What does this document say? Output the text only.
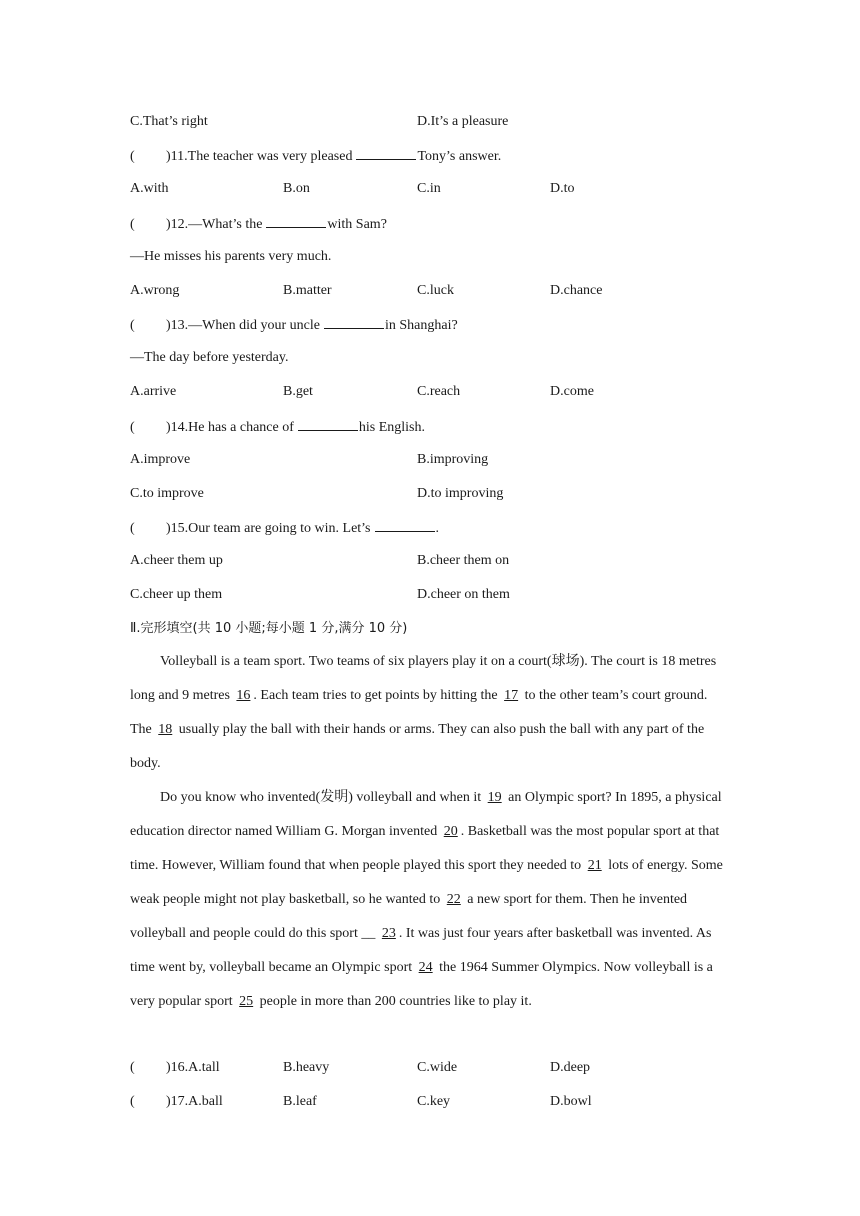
C.That’s right	D.It’s a pleasure
( )11.The teacher was very pleased	Tony’s answer.
A.with	B.on	C.in	D.to
( )12.—What’s the	with Sam?
—He misses his parents very much.
A.wrong	B.matter	C.luck	D.chance
( )13.—When did your uncle	in Shanghai?
—The day before yesterday.
A.arrive	B.get	C.reach	D.come
( )14.He has a chance of	his English.
A.improve	B.improving
C.to improve	D.to improving
( )15.Our team are going to win. Let’s	.
A.cheer them up	B.cheer them on
C.cheer up them	D.cheer on them
Ⅱ.完形填空(共 10 小题;每小题 1 分,满分 10 分)

Volleyball is a team sport. Two teams of six players play it on a court(球场). The court is 18 metres long and 9 metres 16 . Each team tries to get points by hitting the 17 to the other team’s court ground. The 18 usually play the ball with their hands or arms. They can also push the ball with any part of the body.

Do you know who invented(发明) volleyball and when it 19 an Olympic sport? In 1895, a physical education director named William G. Morgan invented 20 . Basketball was the most popular sport at that time. However, William found that when people played this sport they needed to 21 lots of energy. Some weak people might not play basketball, so he wanted to 22 a new sport for them. Then he invented volleyball and people could do this sport __ 23 . It was just four years after basketball was invented. As time went by, volleyball became an Olympic sport 24 the 1964 Summer Olympics. Now volleyball is a very popular sport 25 people in more than 200 countries like to play it.

( )16.A.tall	B.heavy	C.wide	D.deep
( )17.A.ball	B.leaf	C.key	D.bowl
